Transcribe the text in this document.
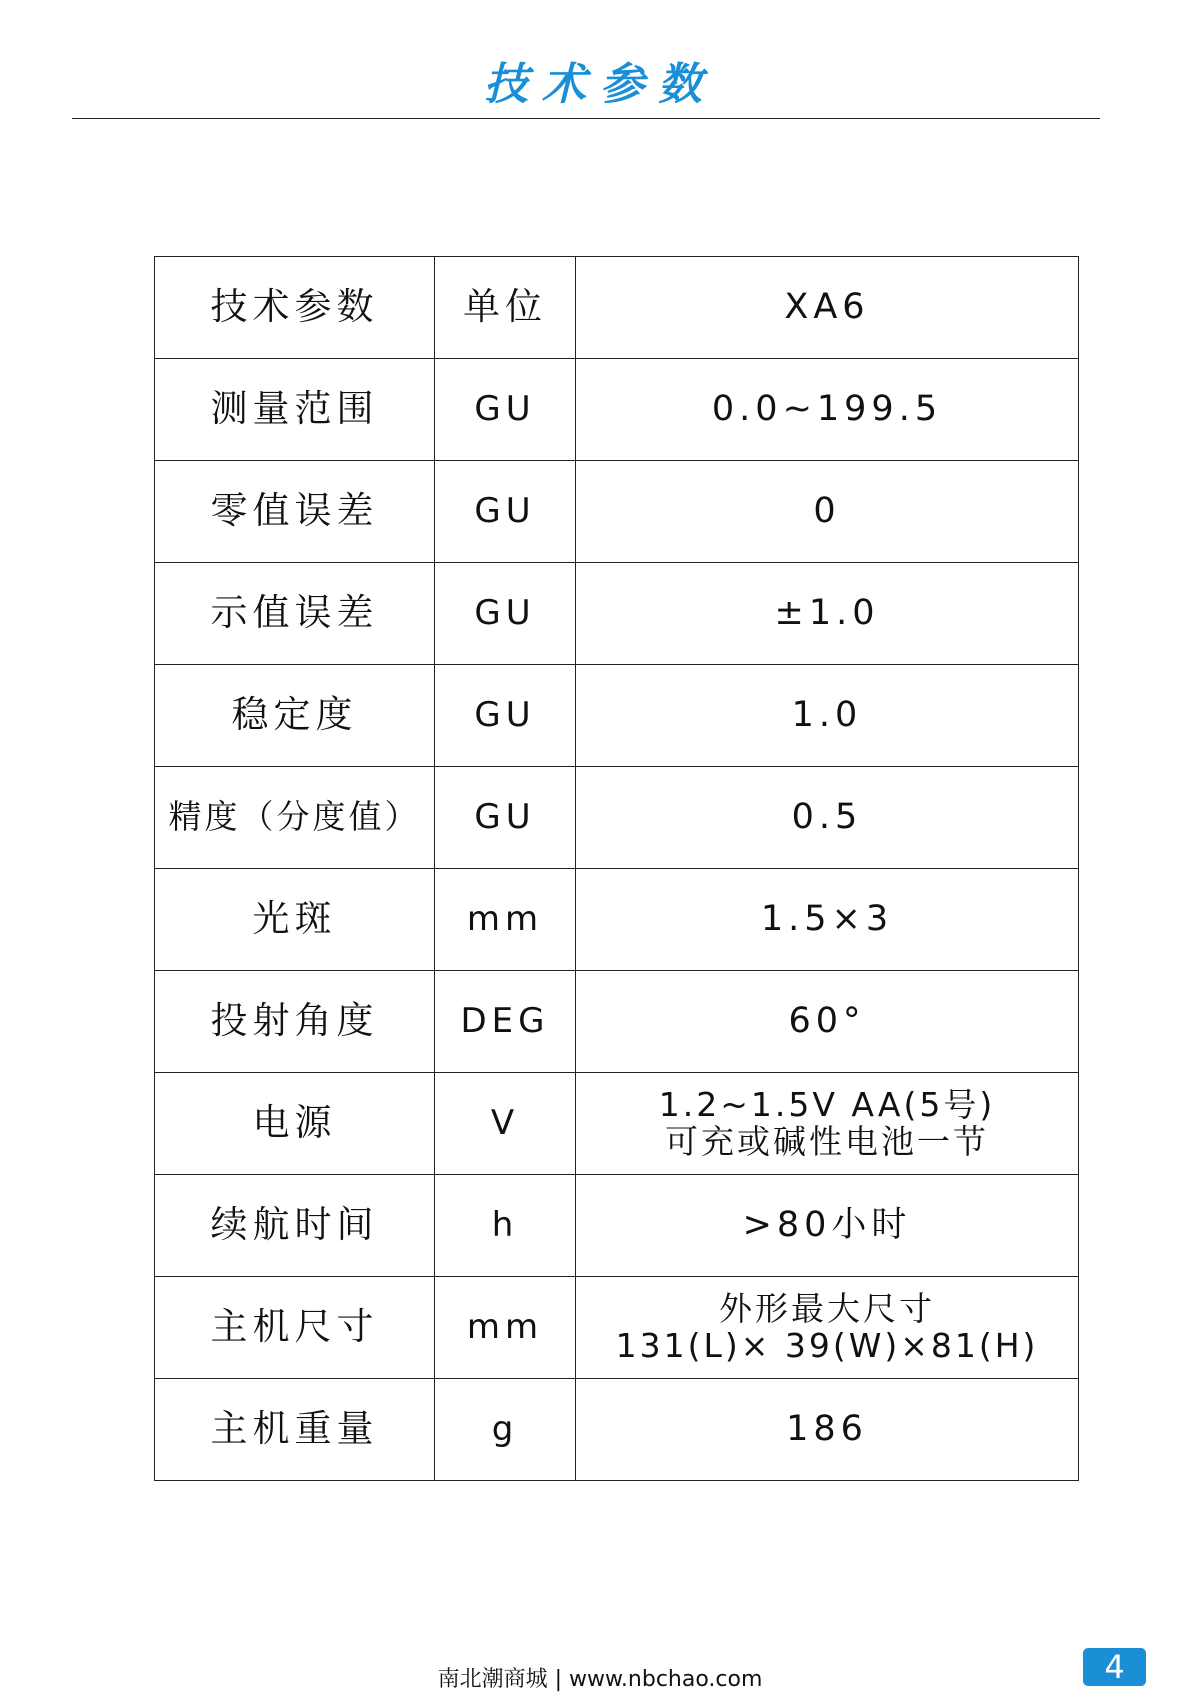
技术参数
技术参数	单位	XA6
测量范围	GU	0.0~199.5
零值误差	GU	0
示值误差	GU	±1.0
稳定度	GU	1.0
精度（分度值）	GU	0.5
光斑	mm	1.5×3
投射角度	DEG	60°
电源	V	1.2~1.5V AA(5号)
可充或碱性电池一节

续航时间	h	>80小时
主机尺寸	mm	外形最大尺寸
131(L)× 39(W)×81(H)

主机重量	g	186
南北潮商城 | www.nbchao.com	4
